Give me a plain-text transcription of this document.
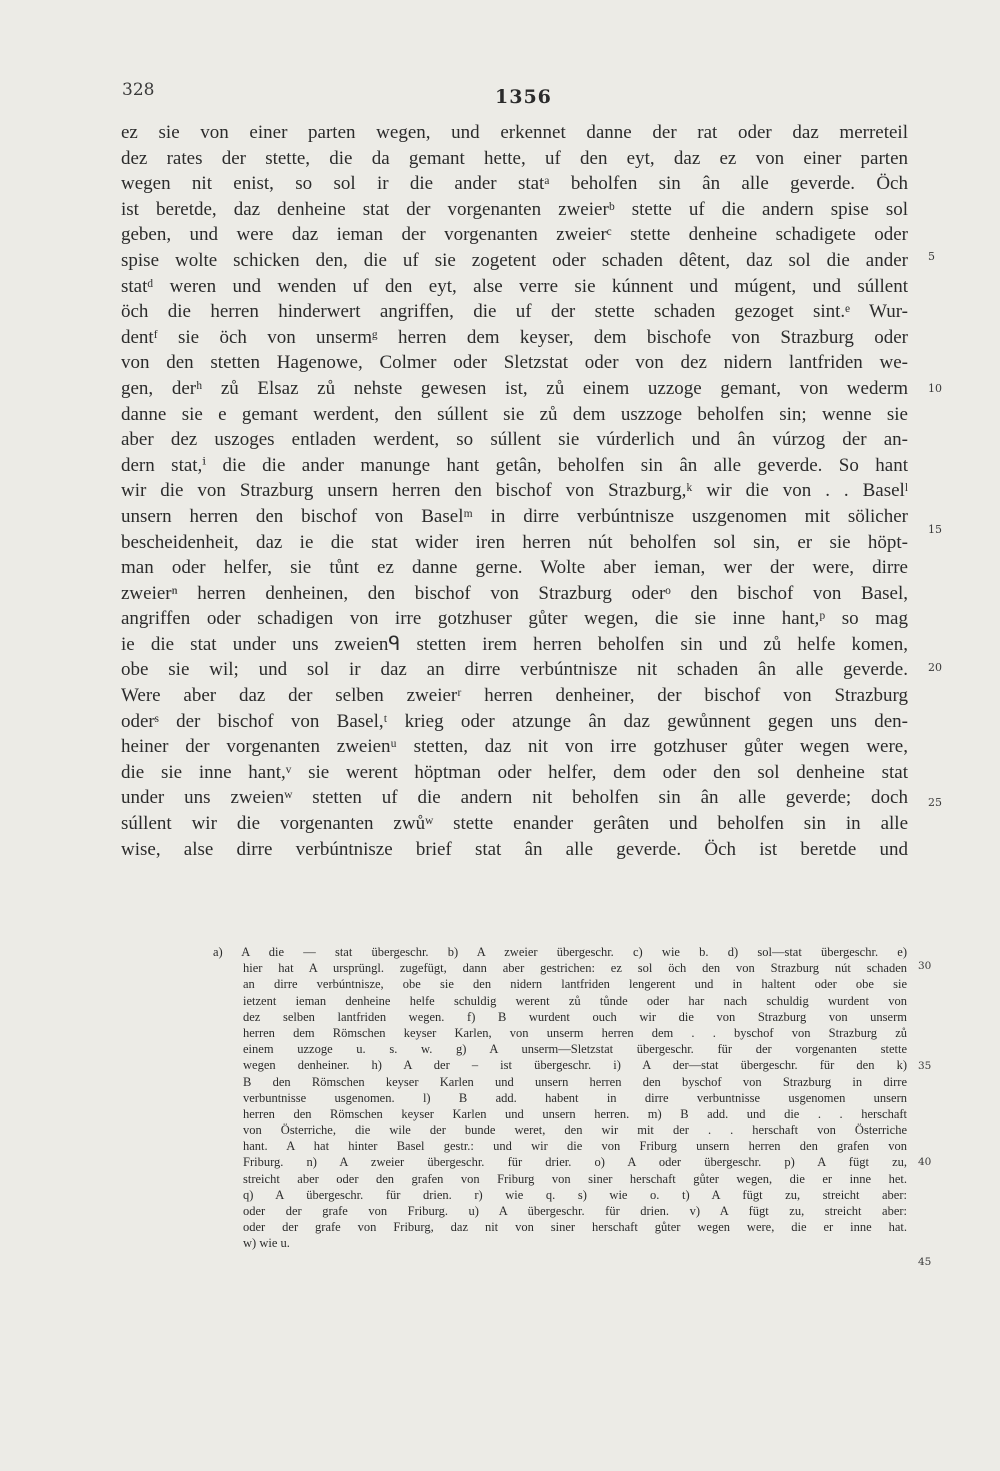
328	1356
ez sie von einer parten wegen, und erkennet danne der rat oder daz merreteil
dez rates der stette, die da gemant hette, uf den eyt, daz ez von einer parten
wegen nit enist, so sol ir die ander statᵃ beholfen sin ân alle geverde. Öch
ist beretde, daz denheine stat der vorgenanten zweierᵇ stette uf die andern spise sol
geben, und were daz ieman der vorgenanten zweierᶜ stette denheine schadigete oder
spise wolte schicken den, die uf sie zogetent oder schaden dêtent, daz sol die ander
statᵈ weren und wenden uf den eyt, alse verre sie kúnnent und múgent, und súllent
öch die herren hinderwert angriffen, die uf der stette schaden gezoget sint.ᵉ Wur-
dentᶠ sie öch von unsermᵍ herren dem keyser, dem bischofe von Strazburg oder
von den stetten Hagenowe, Colmer oder Sletzstat oder von dez nidern lantfriden we-
gen, derʰ zů Elsaz zů nehste gewesen ist, zů einem uzzoge gemant, von wederm
danne sie e gemant werdent, den súllent sie zů dem uszzoge beholfen sin; wenne sie
aber dez uszoges entladen werdent, so súllent sie vúrderlich und ân vúrzog der an-
dern stat,ⁱ die die ander manunge hant getân, beholfen sin ân alle geverde. So hant
wir die von Strazburg unsern herren den bischof von Strazburg,ᵏ wir die von . . Baselˡ
unsern herren den bischof von Baselᵐ in dirre verbúntnisze uszgenomen mit sölicher
bescheidenheit, daz ie die stat wider iren herren nút beholfen sol sin, er sie höpt-
man oder helfer, sie tůnt ez danne gerne. Wolte aber ieman, wer der were, dirre
zweierⁿ herren denheinen, den bischof von Strazburg oderᵒ den bischof von Basel,
angriffen oder schadigen von irre gotzhuser gůter wegen, die sie inne hant,ᵖ so mag
ie die stat under uns zweienᑫ stetten irem herren beholfen sin und zů helfe komen,
obe sie wil; und sol ir daz an dirre verbúntnisze nit schaden ân alle geverde.
Were aber daz der selben zweierʳ herren denheiner, der bischof von Strazburg
oderˢ der bischof von Basel,ᵗ krieg oder atzunge ân daz gewůnnent gegen uns den-
heiner der vorgenanten zweienᵘ stetten, daz nit von irre gotzhuser gůter wegen were,
die sie inne hant,ᵛ sie werent höptman oder helfer, dem oder den sol denheine stat
under uns zweienʷ stetten uf die andern nit beholfen sin ân alle geverde; doch
súllent wir die vorgenanten zwůʷ stette enander gerâten und beholfen sin in alle
wise, alse dirre verbúntnisze brief stat ân alle geverde. Öch ist beretde und
5
10
15
20
25
a) A die — stat übergeschr. b) A zweier übergeschr. c) wie b. d) sol—stat übergeschr. e)
hier hat A ursprüngl. zugefügt, dann aber gestrichen: ez sol öch den von Strazburg nút schaden
an dirre verbúntnisze, obe sie den nidern lantfriden lengerent und in haltent oder obe sie
ietzent ieman denheine helfe schuldig werent zů tůnde oder har nach schuldig wurdent von
dez selben lantfriden wegen. f) B wurdent ouch wir die von Strazburg von unserm
herren dem Römschen keyser Karlen, von unserm herren dem . . byschof von Strazburg zů
einem uzzoge u. s. w. g) A unserm—Sletzstat übergeschr. für der vorgenanten stette
wegen denheiner. h) A der – ist übergeschr. i) A der—stat übergeschr. für den k)
B den Römschen keyser Karlen und unsern herren den byschof von Strazburg in dirre
verbuntnisse usgenomen. l) B add. habent in dirre verbuntnisse usgenomen unsern
herren den Römschen keyser Karlen und unsern herren. m) B add. und die . . herschaft
von Österriche, die wile der bunde weret, den wir mit der . . herschaft von Österriche
hant. A hat hinter Basel gestr.: und wir die von Friburg unsern herren den grafen von
Friburg. n) A zweier übergeschr. für drier. o) A oder übergeschr. p) A fügt zu,
streicht aber oder den grafen von Friburg von siner herschaft gůter wegen, die er inne het.
q) A übergeschr. für drien. r) wie q. s) wie o. t) A fügt zu, streicht aber:
oder der grafe von Friburg. u) A übergeschr. für drien. v) A fügt zu, streicht aber:
oder der grafe von Friburg, daz nit von siner herschaft gůter wegen were, die er inne hat.
w) wie u.
30
35
40
45
